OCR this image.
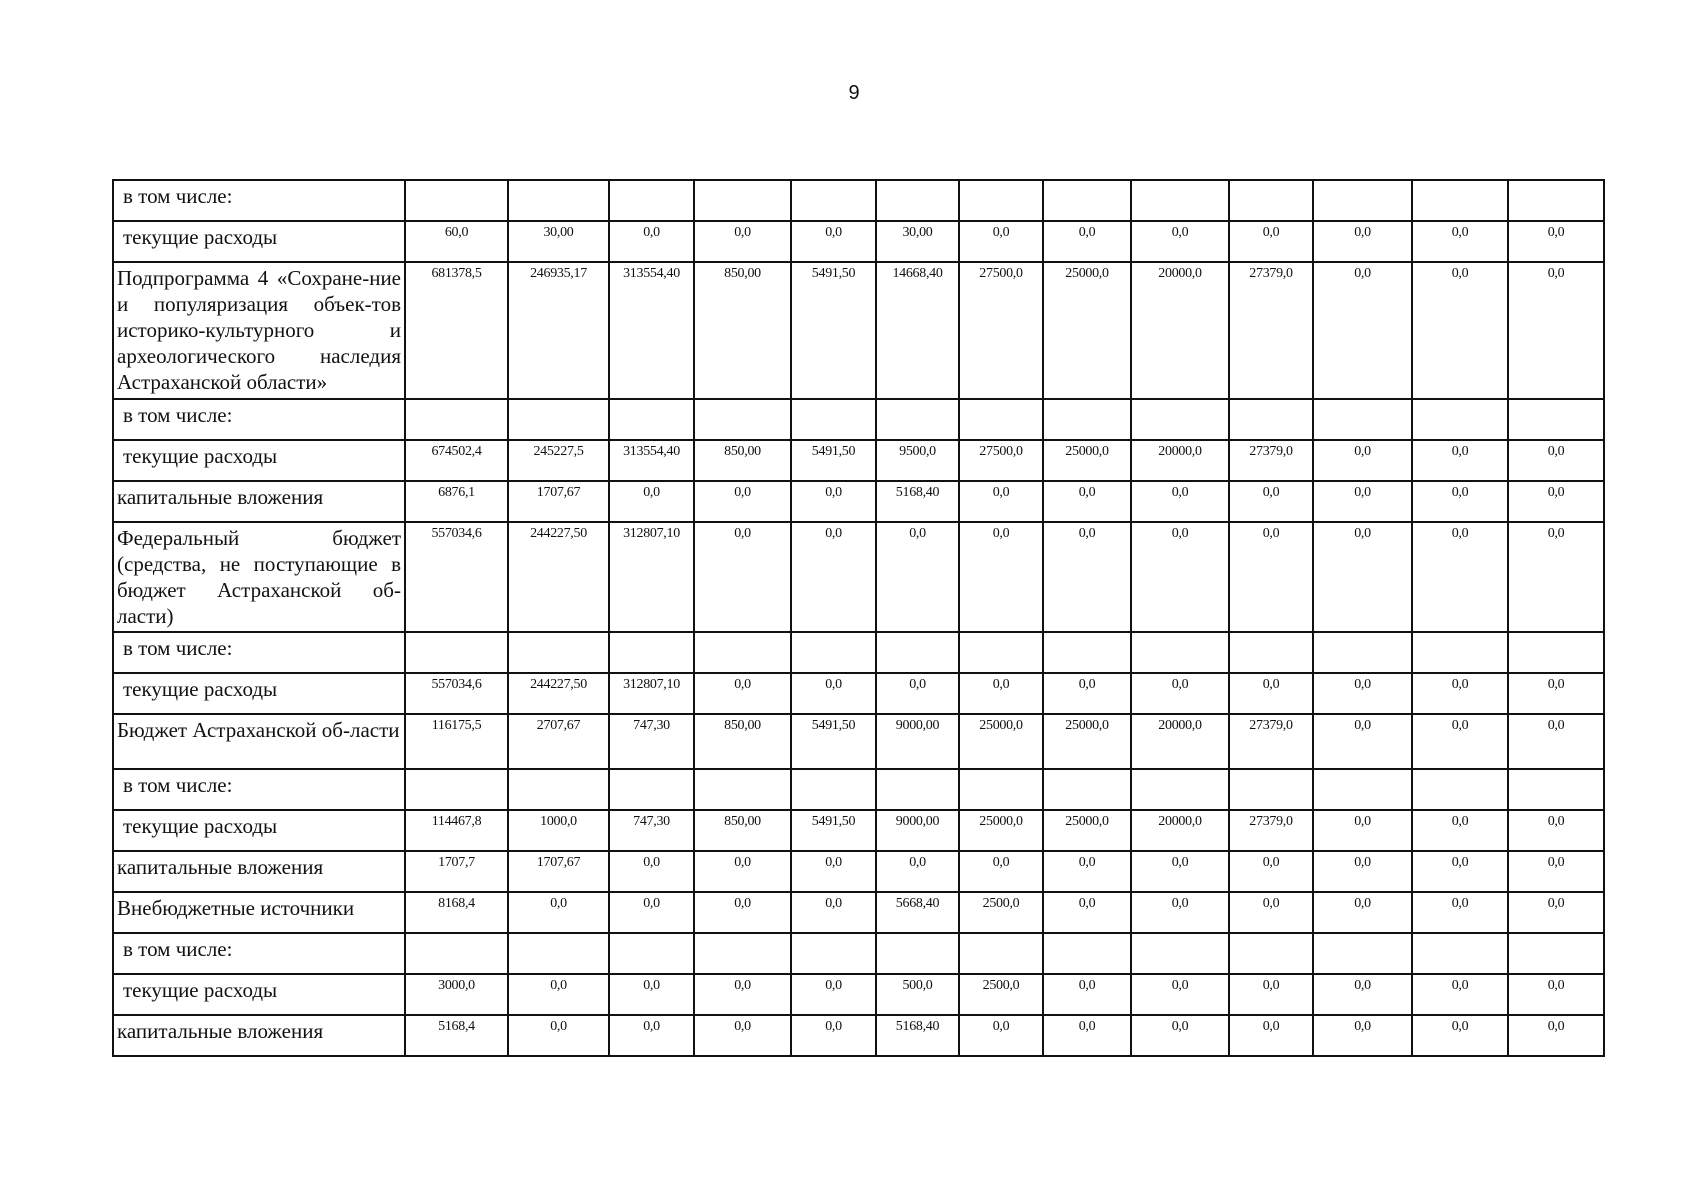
9
в том числе:													
текущие расходы	60,0	30,00	0,0	0,0	0,0	30,00	0,0	0,0	0,0	0,0	0,0	0,0	0,0
Подпрограмма 4 «Сохране-ние и популяризация объек-тов историко-культурного и археологического наследия Астраханской области»	681378,5	246935,17	313554,40	850,00	5491,50	14668,40	27500,0	25000,0	20000,0	27379,0	0,0	0,0	0,0
в том числе:													
текущие расходы	674502,4	245227,5	313554,40	850,00	5491,50	9500,0	27500,0	25000,0	20000,0	27379,0	0,0	0,0	0,0
капитальные вложения	6876,1	1707,67	0,0	0,0	0,0	5168,40	0,0	0,0	0,0	0,0	0,0	0,0	0,0
Федеральный бюджет (средства, не поступающие в бюджет Астраханской об-ласти)	557034,6	244227,50	312807,10	0,0	0,0	0,0	0,0	0,0	0,0	0,0	0,0	0,0	0,0
в том числе:													
текущие расходы	557034,6	244227,50	312807,10	0,0	0,0	0,0	0,0	0,0	0,0	0,0	0,0	0,0	0,0
Бюджет Астраханской об-ласти	116175,5	2707,67	747,30	850,00	5491,50	9000,00	25000,0	25000,0	20000,0	27379,0	0,0	0,0	0,0
в том числе:													
текущие расходы	114467,8	1000,0	747,30	850,00	5491,50	9000,00	25000,0	25000,0	20000,0	27379,0	0,0	0,0	0,0
капитальные вложения	1707,7	1707,67	0,0	0,0	0,0	0,0	0,0	0,0	0,0	0,0	0,0	0,0	0,0
Внебюджетные источники	8168,4	0,0	0,0	0,0	0,0	5668,40	2500,0	0,0	0,0	0,0	0,0	0,0	0,0
в том числе:													
текущие расходы	3000,0	0,0	0,0	0,0	0,0	500,0	2500,0	0,0	0,0	0,0	0,0	0,0	0,0
капитальные вложения	5168,4	0,0	0,0	0,0	0,0	5168,40	0,0	0,0	0,0	0,0	0,0	0,0	0,0
